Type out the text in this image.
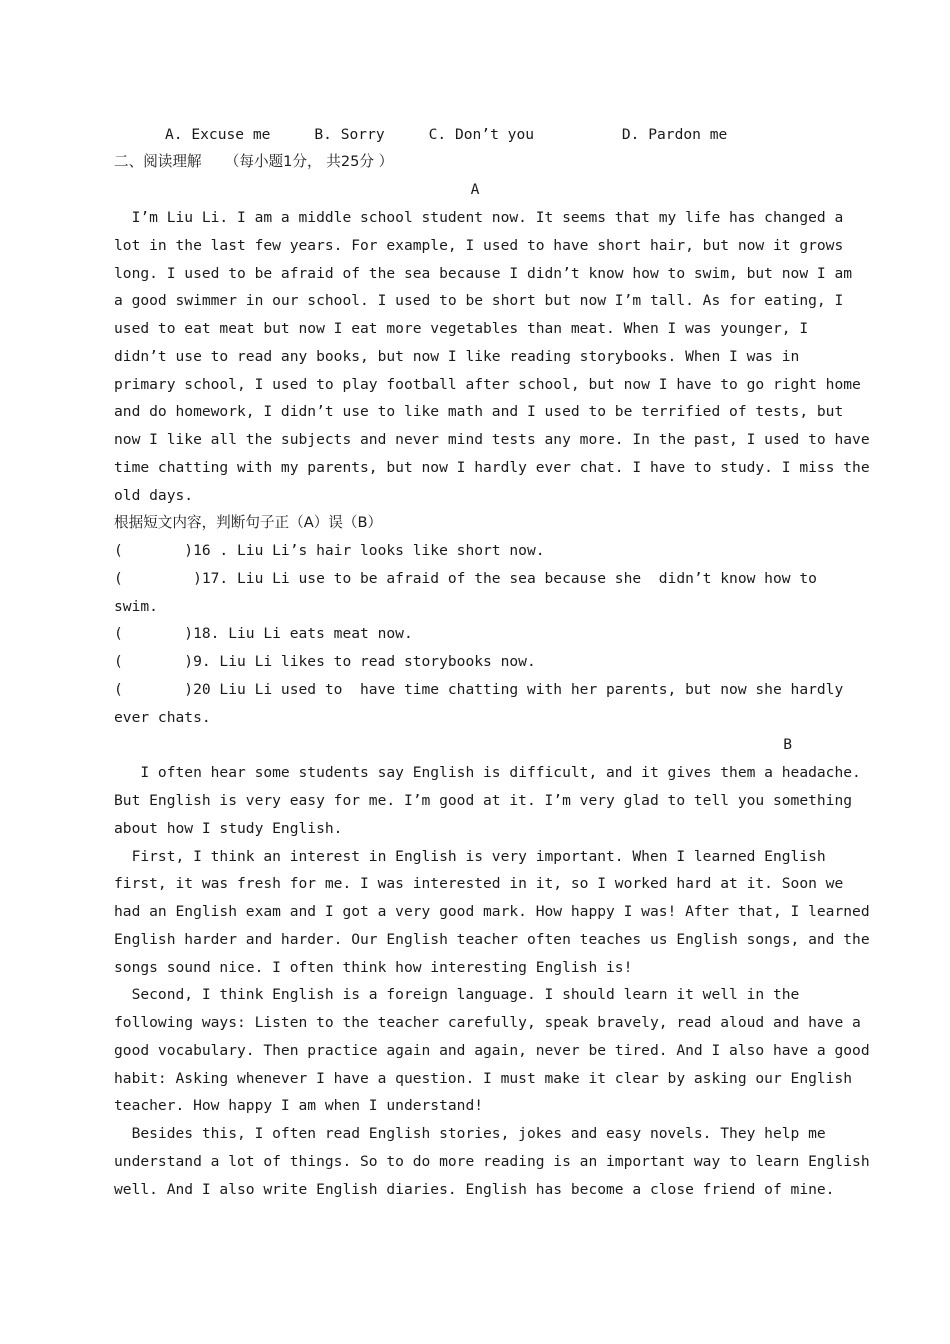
A. Excuse me     B. Sorry     C. Don’t you          D. Pardon me
二、阅读理解     （每小题1分， 共25分 ）
A
I’m Liu Li. I am a middle school student now. It seems that my life has changed a
lot in the last few years. For example, I used to have short hair, but now it grows
long. I used to be afraid of the sea because I didn’t know how to swim, but now I am
a good swimmer in our school. I used to be short but now I’m tall. As for eating, I
used to eat meat but now I eat more vegetables than meat. When I was younger, I
didn’t use to read any books, but now I like reading storybooks. When I was in
primary school, I used to play football after school, but now I have to go right home
and do homework, I didn’t use to like math and I used to be terrified of tests, but
now I like all the subjects and never mind tests any more. In the past, I used to have
time chatting with my parents, but now I hardly ever chat. I have to study. I miss the
old days.
根据短文内容，判断句子正（A）误（B）
(       )16 . Liu Li’s hair looks like short now.
(        )17. Liu Li use to be afraid of the sea because she  didn’t know how to
swim.
(       )18. Liu Li eats meat now.
(       )9. Liu Li likes to read storybooks now.
(       )20 Liu Li used to  have time chatting with her parents, but now she hardly
ever chats.
B
I often hear some students say English is difficult, and it gives them a headache.
But English is very easy for me. I’m good at it. I’m very glad to tell you something
about how I study English.
First, I think an interest in English is very important. When I learned English
first, it was fresh for me. I was interested in it, so I worked hard at it. Soon we
had an English exam and I got a very good mark. How happy I was! After that, I learned
English harder and harder. Our English teacher often teaches us English songs, and the
songs sound nice. I often think how interesting English is!
Second, I think English is a foreign language. I should learn it well in the
following ways: Listen to the teacher carefully, speak bravely, read aloud and have a
good vocabulary. Then practice again and again, never be tired. And I also have a good
habit: Asking whenever I have a question. I must make it clear by asking our English
teacher. How happy I am when I understand!
Besides this, I often read English stories, jokes and easy novels. They help me
understand a lot of things. So to do more reading is an important way to learn English
well. And I also write English diaries. English has become a close friend of mine.
